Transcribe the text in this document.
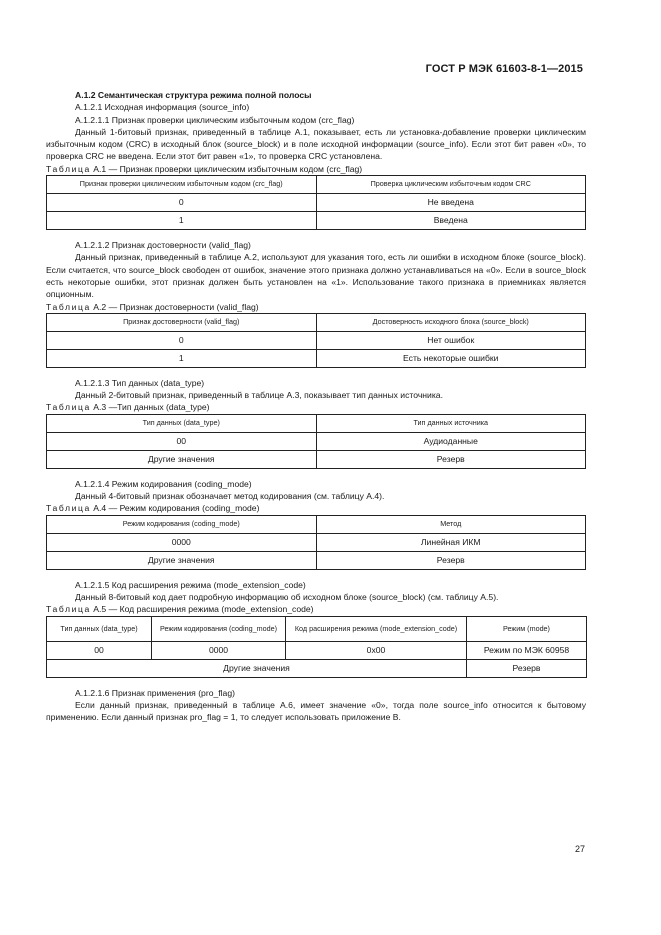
ГОСТ Р МЭК 61603-8-1—2015

А.1.2 Семантическая структура режима полной полосы

А.1.2.1 Исходная информация (source_info)

А.1.2.1.1 Признак проверки циклическим избыточным кодом (crc_flag)

Данный 1-битовый признак, приведенный в таблице А.1, показывает, есть ли установка-добавление проверки циклическим избыточным кодом (CRC) в исходный блок (source_block) и в поле исходной информации (source_info). Если этот бит равен «0», то проверка CRC не введена. Если этот бит равен «1», то проверка CRC установлена.

Таблица А.1 — Признак проверки циклическим избыточным кодом (crc_flag)

Признак проверки циклическим избыточным кодом (crc_flag)	Проверка циклическим избыточным кодом CRC
0	Не введена
1	Введена

А.1.2.1.2 Признак достоверности (valid_flag)

Данный признак, приведенный в таблице А.2, используют для указания того, есть ли ошибки в исходном блоке (source_block). Если считается, что source_block свободен от ошибок, значение этого признака должно устанавливаться на «0». Если в source_block есть некоторые ошибки, этот признак должен быть установлен на «1». Использование такого признака в приемниках является опционным.

Таблица А.2 — Признак достоверности (valid_flag)

Признак достоверности (valid_flag)	Достоверность исходного блока (source_block)
0	Нет ошибок
1	Есть некоторые ошибки

А.1.2.1.3 Тип данных (data_type)

Данный 2-битовый признак, приведенный в таблице А.3, показывает тип данных источника.

Таблица А.3 —Тип данных (data_type)

Тип данных (data_type)	Тип данных источника
00	Аудиоданные
Другие значения	Резерв

А.1.2.1.4 Режим кодирования (coding_mode)

Данный 4-битовый признак обозначает метод кодирования (см. таблицу А.4).

Таблица А.4 — Режим кодирования (coding_mode)

Режим кодирования (coding_mode)	Метод
0000	Линейная ИКМ
Другие значения	Резерв

А.1.2.1.5 Код расширения режима (mode_extension_code)

Данный 8-битовый код дает подробную информацию об исходном блоке (source_block) (см. таблицу А.5).

Таблица А.5 — Код расширения режима (mode_extension_code)

Тип данных (data_type)	Режим кодирования (coding_mode)	Код расширения режима (mode_extension_code)	Режим (mode)
00	0000	0x00	Режим по МЭК 60958
Другие значения			Резерв

А.1.2.1.6 Признак применения (pro_flag)

Если данный признак, приведенный в таблице А.6, имеет значение «0», тогда поле source_info относится к бытовому применению. Если данный признак pro_flag = 1, то следует использовать приложение В.

27
